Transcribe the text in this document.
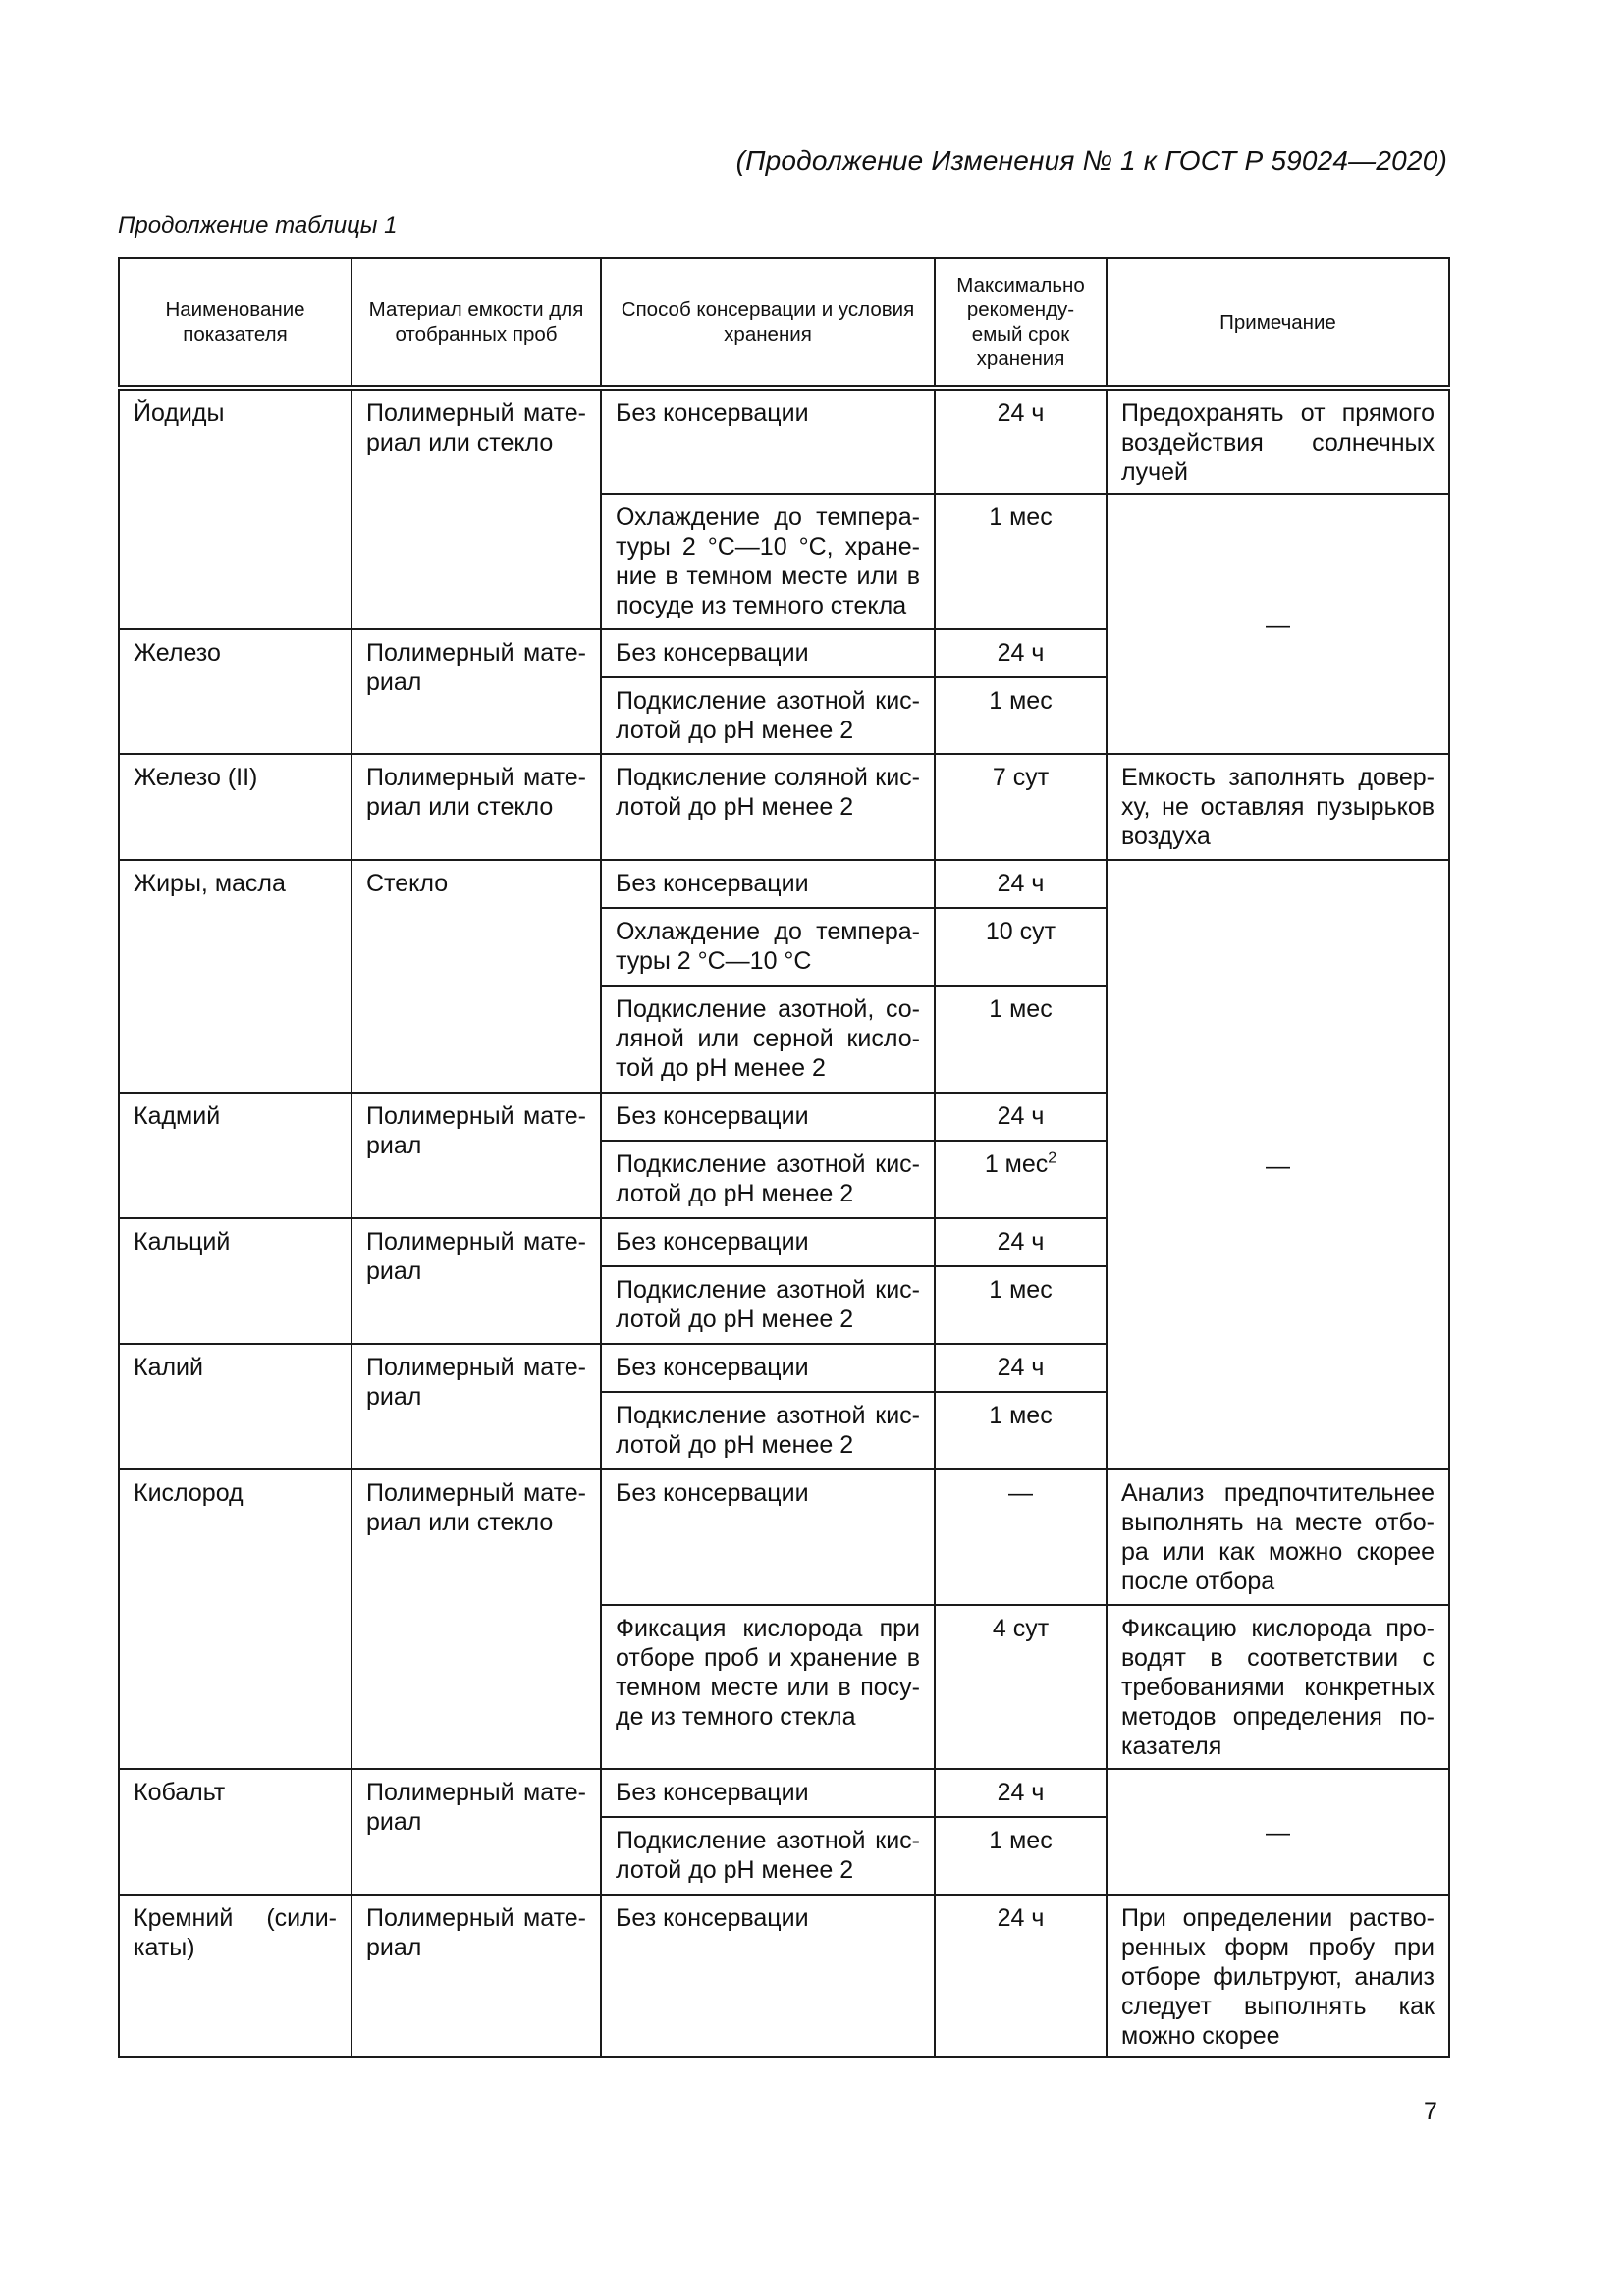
(Продолжение Изменения № 1 к ГОСТ Р 59024—2020)
Продолжение таблицы 1
Наименование показателя	Материал емкости для отобранных проб	Способ консервации и условия хранения	Максимально рекоменду-емый срок хранения	Примечание
Йодиды	Полимерный материал или стекло	Без консервации	24 ч	Предохранять от прямого воздействия солнечных лучей
		Охлаждение до температуры 2 °С—10 °С, хранение в темном месте или в посуде из темного стекла	1 мес	—
Железо	Полимерный материал	Без консервации	24 ч	
		Подкисление азотной кислотой до рН менее 2	1 мес	
Железо (II)	Полимерный материал или стекло	Подкисление соляной кислотой до рН менее 2	7 сут	Емкость заполнять доверху, не оставляя пузырьков воздуха
Жиры, масла	Стекло	Без консервации	24 ч	—
		Охлаждение до температуры 2 °С—10 °С	10 сут	
		Подкисление азотной, соляной или серной кислотой до рН менее 2	1 мес	
Кадмий	Полимерный материал	Без консервации	24 ч	
		Подкисление азотной кислотой до рН менее 2	1 мес$^2$
Кальций	Полимерный материал	Без консервации	24 ч	
		Подкисление азотной кислотой до рН менее 2	1 мес	
Калий	Полимерный материал	Без консервации	24 ч	
		Подкисление азотной кислотой до рН менее 2	1 мес	
Кислород	Полимерный материал или стекло	Без консервации	—	Анализ предпочтительнее выполнять на месте отбора или как можно скорее после отбора
		Фиксация кислорода при отборе проб и хранение в темном месте или в посуде из темного стекла	4 сут	Фиксацию кислорода проводят в соответствии с требованиями конкретных методов определения показателя
Кобальт	Полимерный материал	Без консервации	24 ч	—
		Подкисление азотной кислотой до рН менее 2	1 мес	
Кремний (силикаты)	Полимерный материал	Без консервации	24 ч	При определении растворенных форм пробу при отборе фильтруют, анализ следует выполнять как можно скорее
7
